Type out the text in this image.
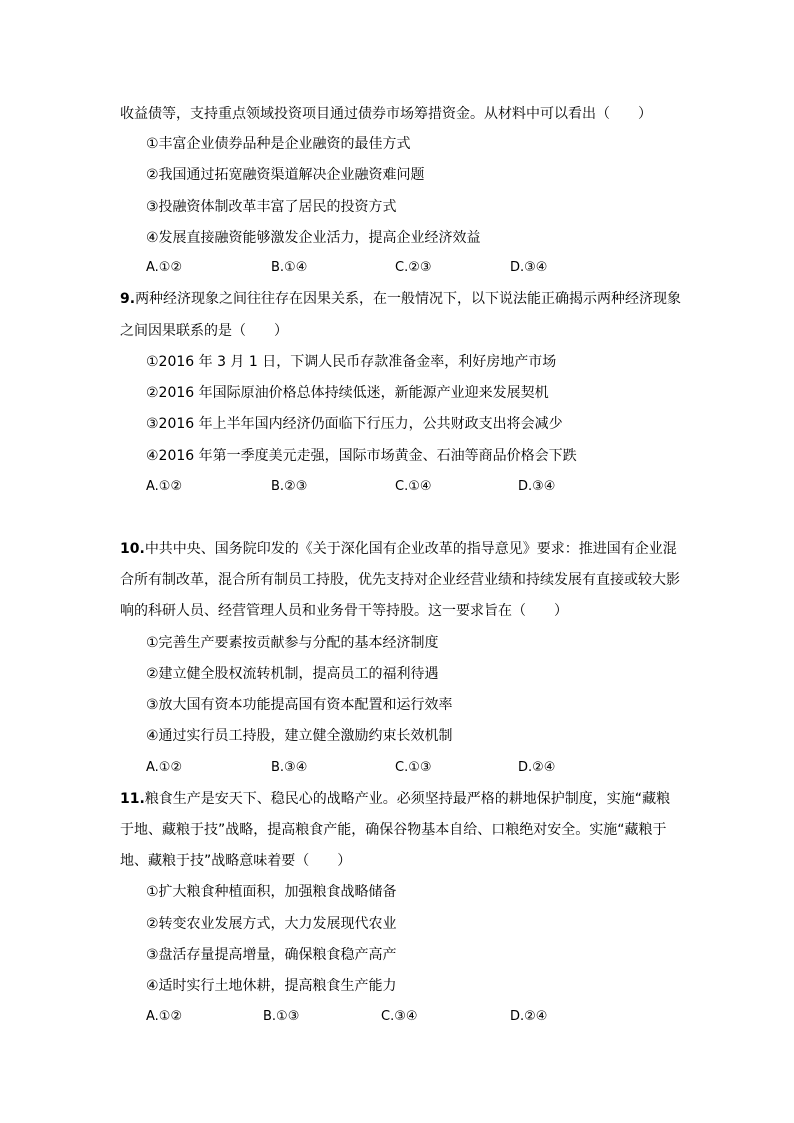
收益债等，支持重点领域投资项目通过债券市场筹措资金。从材料中可以看出（　　）
①丰富企业债券品种是企业融资的最佳方式
②我国通过拓宽融资渠道解决企业融资难问题
③投融资体制改革丰富了居民的投资方式
④发展直接融资能够激发企业活力，提高企业经济效益
A.①②	B.①④	C.②③	D.③④
9.两种经济现象之间往往存在因果关系，在一般情况下，以下说法能正确揭示两种经济现象
之间因果联系的是（　　）
①2016 年 3 月 1 日，下调人民币存款准备金率，利好房地产市场
②2016 年国际原油价格总体持续低迷，新能源产业迎来发展契机
③2016 年上半年国内经济仍面临下行压力，公共财政支出将会减少
④2016 年第一季度美元走强，国际市场黄金、石油等商品价格会下跌
A.①②	B.②③	C.①④	D.③④
10.中共中央、国务院印发的《关于深化国有企业改革的指导意见》要求：推进国有企业混
合所有制改革，混合所有制员工持股，优先支持对企业经营业绩和持续发展有直接或较大影
响的科研人员、经营管理人员和业务骨干等持股。这一要求旨在（　　）
①完善生产要素按贡献参与分配的基本经济制度
②建立健全股权流转机制，提高员工的福利待遇
③放大国有资本功能提高国有资本配置和运行效率
④通过实行员工持股，建立健全激励约束长效机制
A.①②	B.③④	C.①③	D.②④
11.粮食生产是安天下、稳民心的战略产业。必须坚持最严格的耕地保护制度，实施“藏粮
于地、藏粮于技”战略，提高粮食产能，确保谷物基本自给、口粮绝对安全。实施“藏粮于
地、藏粮于技”战略意味着要（　　）
①扩大粮食种植面积，加强粮食战略储备
②转变农业发展方式，大力发展现代农业
③盘活存量提高增量，确保粮食稳产高产
④适时实行土地休耕，提高粮食生产能力
A.①②	B.①③	C.③④	D.②④
